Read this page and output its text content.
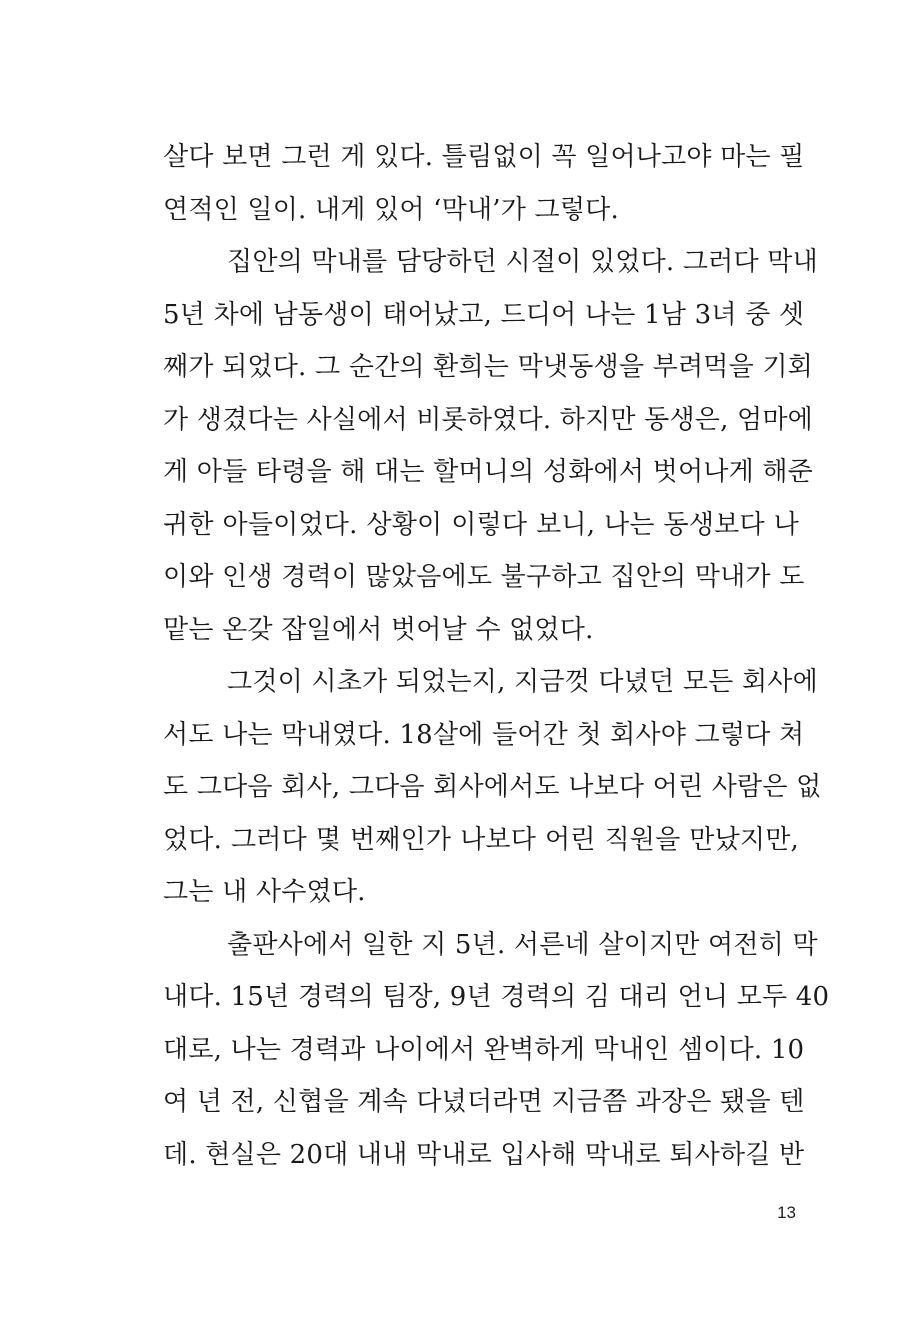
살다 보면 그런 게 있다. 틀림없이 꼭 일어나고야 마는 필
연적인 일이. 내게 있어 ‘막내’가 그렇다.

집안의 막내를 담당하던 시절이 있었다. 그러다 막내
5년 차에 남동생이 태어났고, 드디어 나는 1남 3녀 중 셋
째가 되었다. 그 순간의 환희는 막냇동생을 부려먹을 기회
가 생겼다는 사실에서 비롯하였다. 하지만 동생은, 엄마에
게 아들 타령을 해 대는 할머니의 성화에서 벗어나게 해준
귀한 아들이었다. 상황이 이렇다 보니, 나는 동생보다 나
이와 인생 경력이 많았음에도 불구하고 집안의 막내가 도
맡는 온갖 잡일에서 벗어날 수 없었다.

그것이 시초가 되었는지, 지금껏 다녔던 모든 회사에
서도 나는 막내였다. 18살에 들어간 첫 회사야 그렇다 쳐
도 그다음 회사, 그다음 회사에서도 나보다 어린 사람은 없
었다. 그러다 몇 번째인가 나보다 어린 직원을 만났지만,
그는 내 사수였다.

출판사에서 일한 지 5년. 서른네 살이지만 여전히 막
내다. 15년 경력의 팀장, 9년 경력의 김 대리 언니 모두 40
대로, 나는 경력과 나이에서 완벽하게 막내인 셈이다. 10
여 년 전, 신협을 계속 다녔더라면 지금쯤 과장은 됐을 텐
데. 현실은 20대 내내 막내로 입사해 막내로 퇴사하길 반

13
